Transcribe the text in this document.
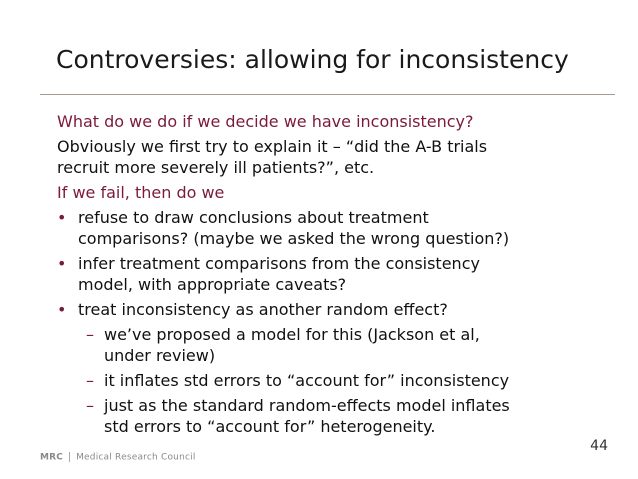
Controversies: allowing for inconsistency
What do we do if we decide we have inconsistency?
Obviously we first try to explain it – “did the A-B trials
recruit more severely ill patients?”, etc.
If we fail, then do we
• refuse to draw conclusions about treatment
comparisons? (maybe we asked the wrong question?)
• infer treatment comparisons from the consistency
model, with appropriate caveats?
• treat inconsistency as another random effect?
– we’ve proposed a model for this (Jackson et al,
under review)
– it inflates std errors to “account for” inconsistency
– just as the standard random-effects model inflates
std errors to “account for” heterogeneity.
44
MRC Medical Research Council
